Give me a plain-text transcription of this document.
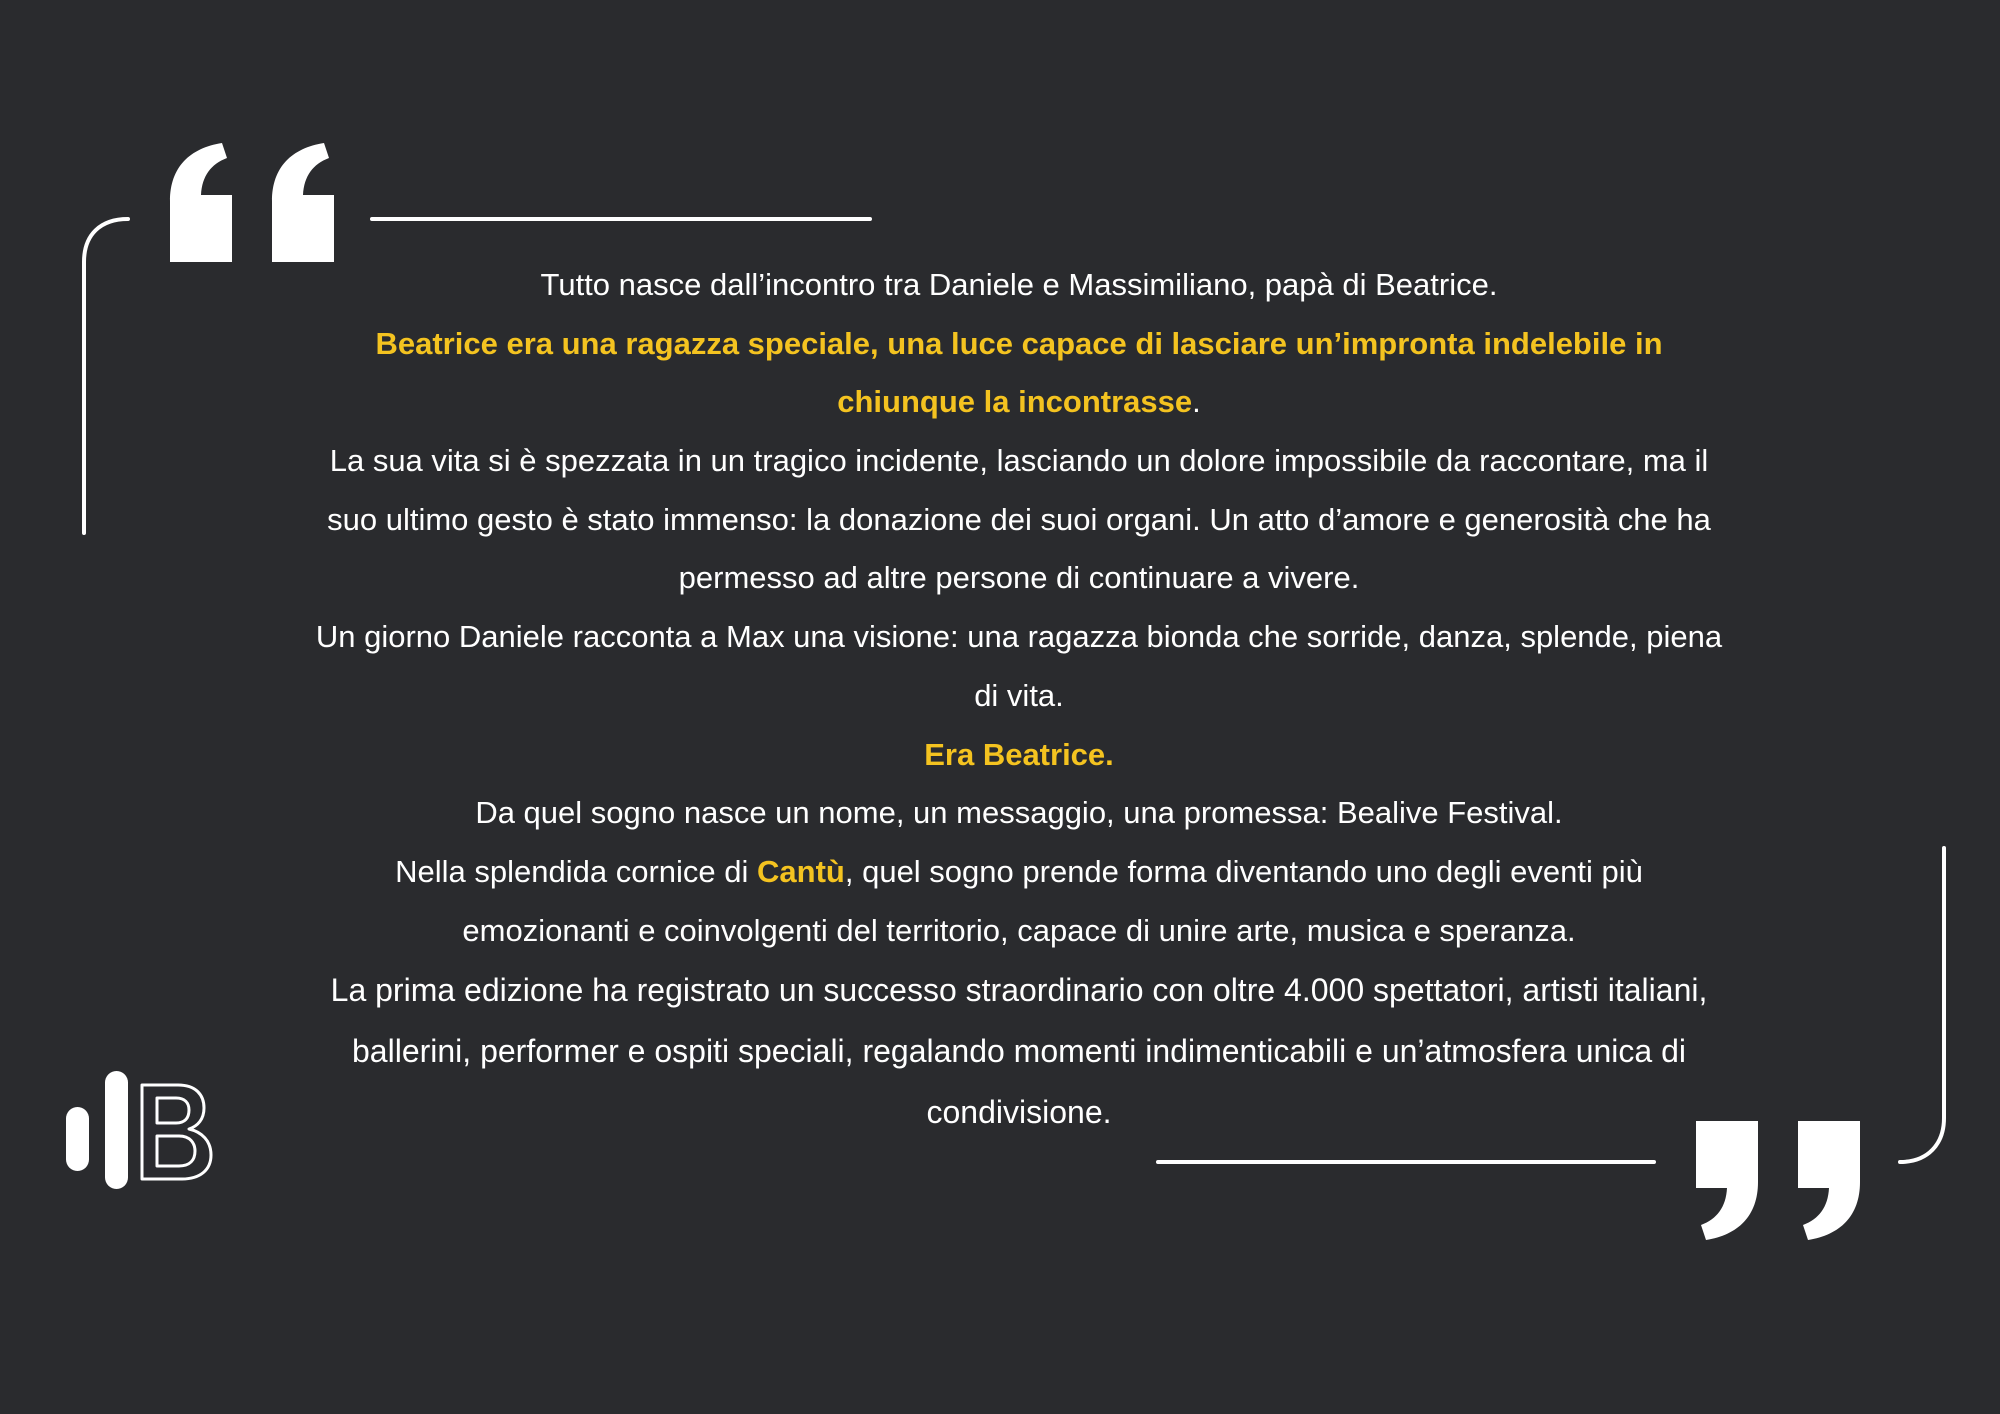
Tutto nasce dall’incontro tra Daniele e Massimiliano, papà di Beatrice.

Beatrice era una ragazza speciale, una luce capace di lasciare un’impronta indelebile in
chiunque la incontrasse.

La sua vita si è spezzata in un tragico incidente, lasciando un dolore impossibile da raccontare, ma il
suo ultimo gesto è stato immenso: la donazione dei suoi organi. Un atto d’amore e generosità che ha
permesso ad altre persone di continuare a vivere.

Un giorno Daniele racconta a Max una visione: una ragazza bionda che sorride, danza, splende, piena
di vita.

Era Beatrice.

Da quel sogno nasce un nome, un messaggio, una promessa: Bealive Festival.

Nella splendida cornice di Cantù, quel sogno prende forma diventando uno degli eventi più
emozionanti e coinvolgenti del territorio, capace di unire arte, musica e speranza.

La prima edizione ha registrato un successo straordinario con oltre 4.000 spettatori, artisti italiani,
ballerini, performer e ospiti speciali, regalando momenti indimenticabili e un’atmosfera unica di
condivisione.
